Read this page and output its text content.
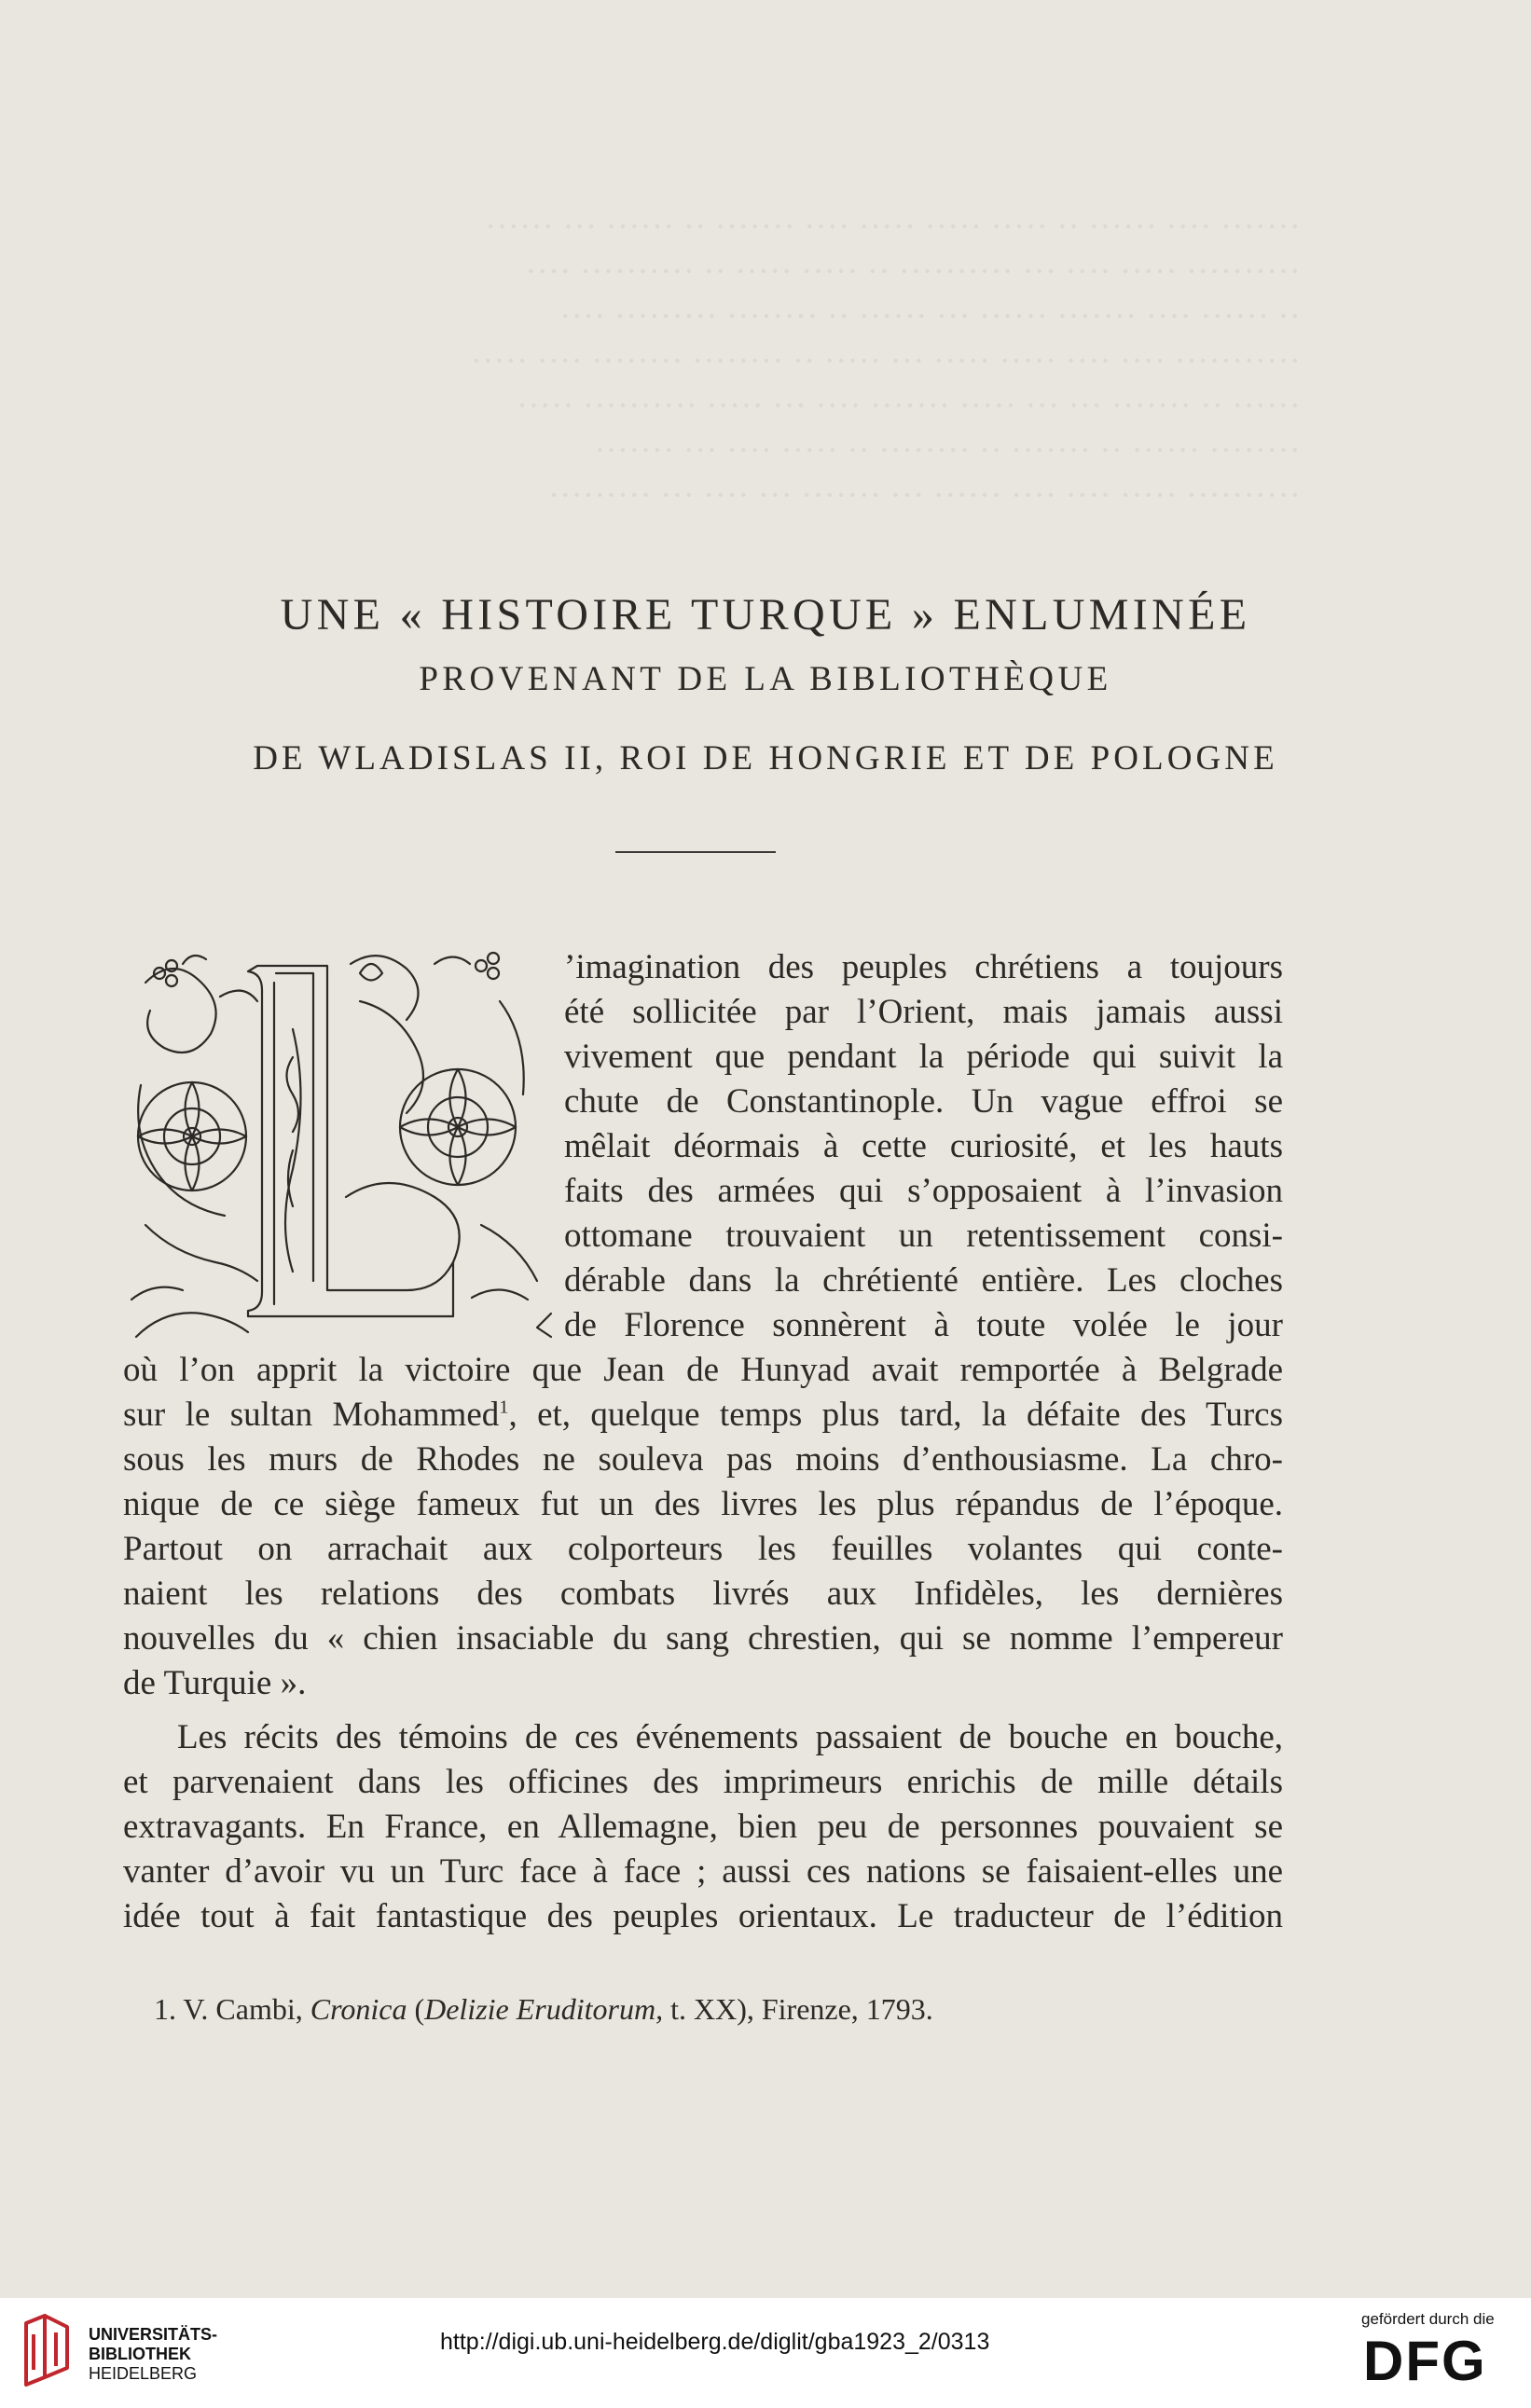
······· ···· ······ ·· ····· ····· ····· ···· ······· ·· ······ ··· ······

·········· ····· ···· ··· ·········· ·· ····· ····· ·· ·········· ····

·· ······ ···· ······· ······ ··· ······ ·· ········ ········· ····

··········· ···· ···· ····· ····· ··· ····· ·· ········ ········ ···· ·····

······ ·· ······· ··· ··· ····· ······· ···· ··· ····· ·········· ·····

········ ······ ·· ······· ·· ········ ·· ····· ···· ··· ·······

·········· ····· ···· ···· ······ ··· ······· ··· ···· ··· ·········

UNE « HISTOIRE TURQUE » ENLUMINÉE
PROVENANT DE LA BIBLIOTHÈQUE
DE WLADISLAS II, ROI DE HONGRIE ET DE POLOGNE
’imagination des peuples chrétiens a toujours
été sollicitée par l’Orient, mais jamais aussi
vivement que pendant la période qui suivit la
chute de Constantinople. Un vague effroi se
mêlait déormais à cette curiosité, et les hauts
faits des armées qui s’opposaient à l’invasion
ottomane trouvaient un retentissement consi-
dérable dans la chrétienté entière. Les cloches
de Florence sonnèrent à toute volée le jour
où l’on apprit la victoire que Jean de Hunyad avait remportée à Belgrade
sur le sultan Mohammed$^1$, et, quelque temps plus tard, la défaite des Turcs
sous les murs de Rhodes ne souleva pas moins d’enthousiasme. La chro-
nique de ce siège fameux fut un des livres les plus répandus de l’époque.
Partout on arrachait aux colporteurs les feuilles volantes qui conte-
naient les relations des combats livrés aux Infidèles, les dernières
nouvelles du « chien insaciable du sang chrestien, qui se nomme l’empereur
de Turquie ».
Les récits des témoins de ces événements passaient de bouche en bouche,
et parvenaient dans les officines des imprimeurs enrichis de mille détails
extravagants. En France, en Allemagne, bien peu de personnes pouvaient se
vanter d’avoir vu un Turc face à face ; aussi ces nations se faisaient-elles une
idée tout à fait fantastique des peuples orientaux. Le traducteur de l’édition
1. V. Cambi, Cronica (Delizie Eruditorum, t. XX), Firenze, 1793.
UNIVERSITÄTS-
BIBLIOTHEK
HEIDELBERG
http://digi.ub.uni-heidelberg.de/diglit/gba1923_2/0313
gefördert durch die
DFG
